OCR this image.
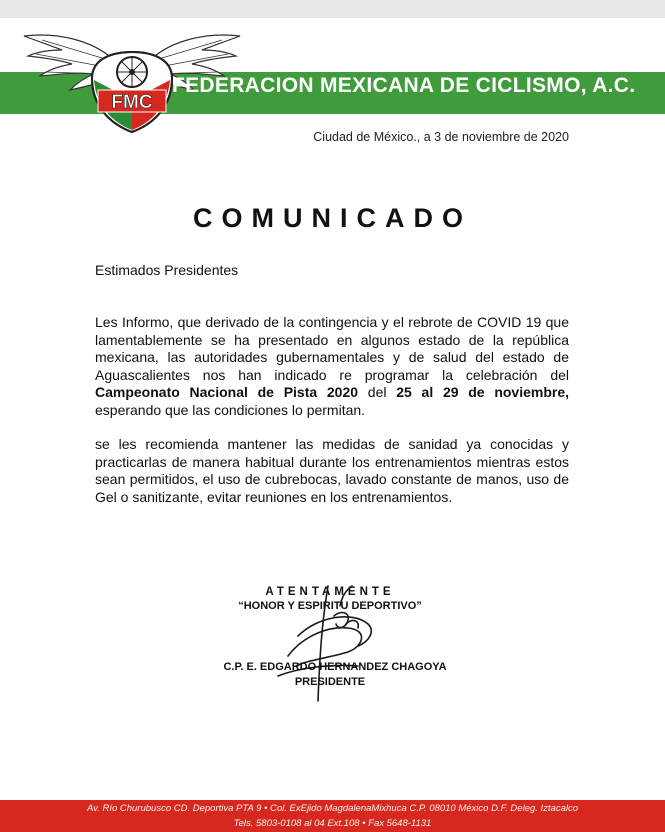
FMC
FEDERACION MEXICANA DE CICLISMO, A.C.
Ciudad de México., a 3 de noviembre de 2020
COMUNICADO
Estimados Presidentes
Les Informo, que derivado de la contingencia y el rebrote de COVID 19 que lamentablemente se ha presentado en algunos estado de la república mexicana, las autoridades gubernamentales y de salud del estado de Aguascalientes nos han indicado re programar la celebración del Campeonato Nacional de Pista 2020 del 25 al 29 de noviembre, esperando que las condiciones lo permitan.
se les recomienda mantener las medidas de sanidad ya conocidas y practicarlas de manera habitual durante los entrenamientos mientras estos sean permitidos, el uso de cubrebocas, lavado constante de manos, uso de Gel o sanitizante, evitar reuniones en los entrenamientos.
ATENTAMENTE
“HONOR Y ESPIRITU DEPORTIVO”
C.P. E. EDGARDO HERNANDEZ CHAGOYA
PRESIDENTE
Av. Río Churubusco CD. Deportiva PTA 9 • Col. ExEjido MagdalenaMixhuca C.P. 08010 México D.F. Deleg. Iztacalco
Tels. 5803-0108 al 04 Ext.108 • Fax 5648-1131
